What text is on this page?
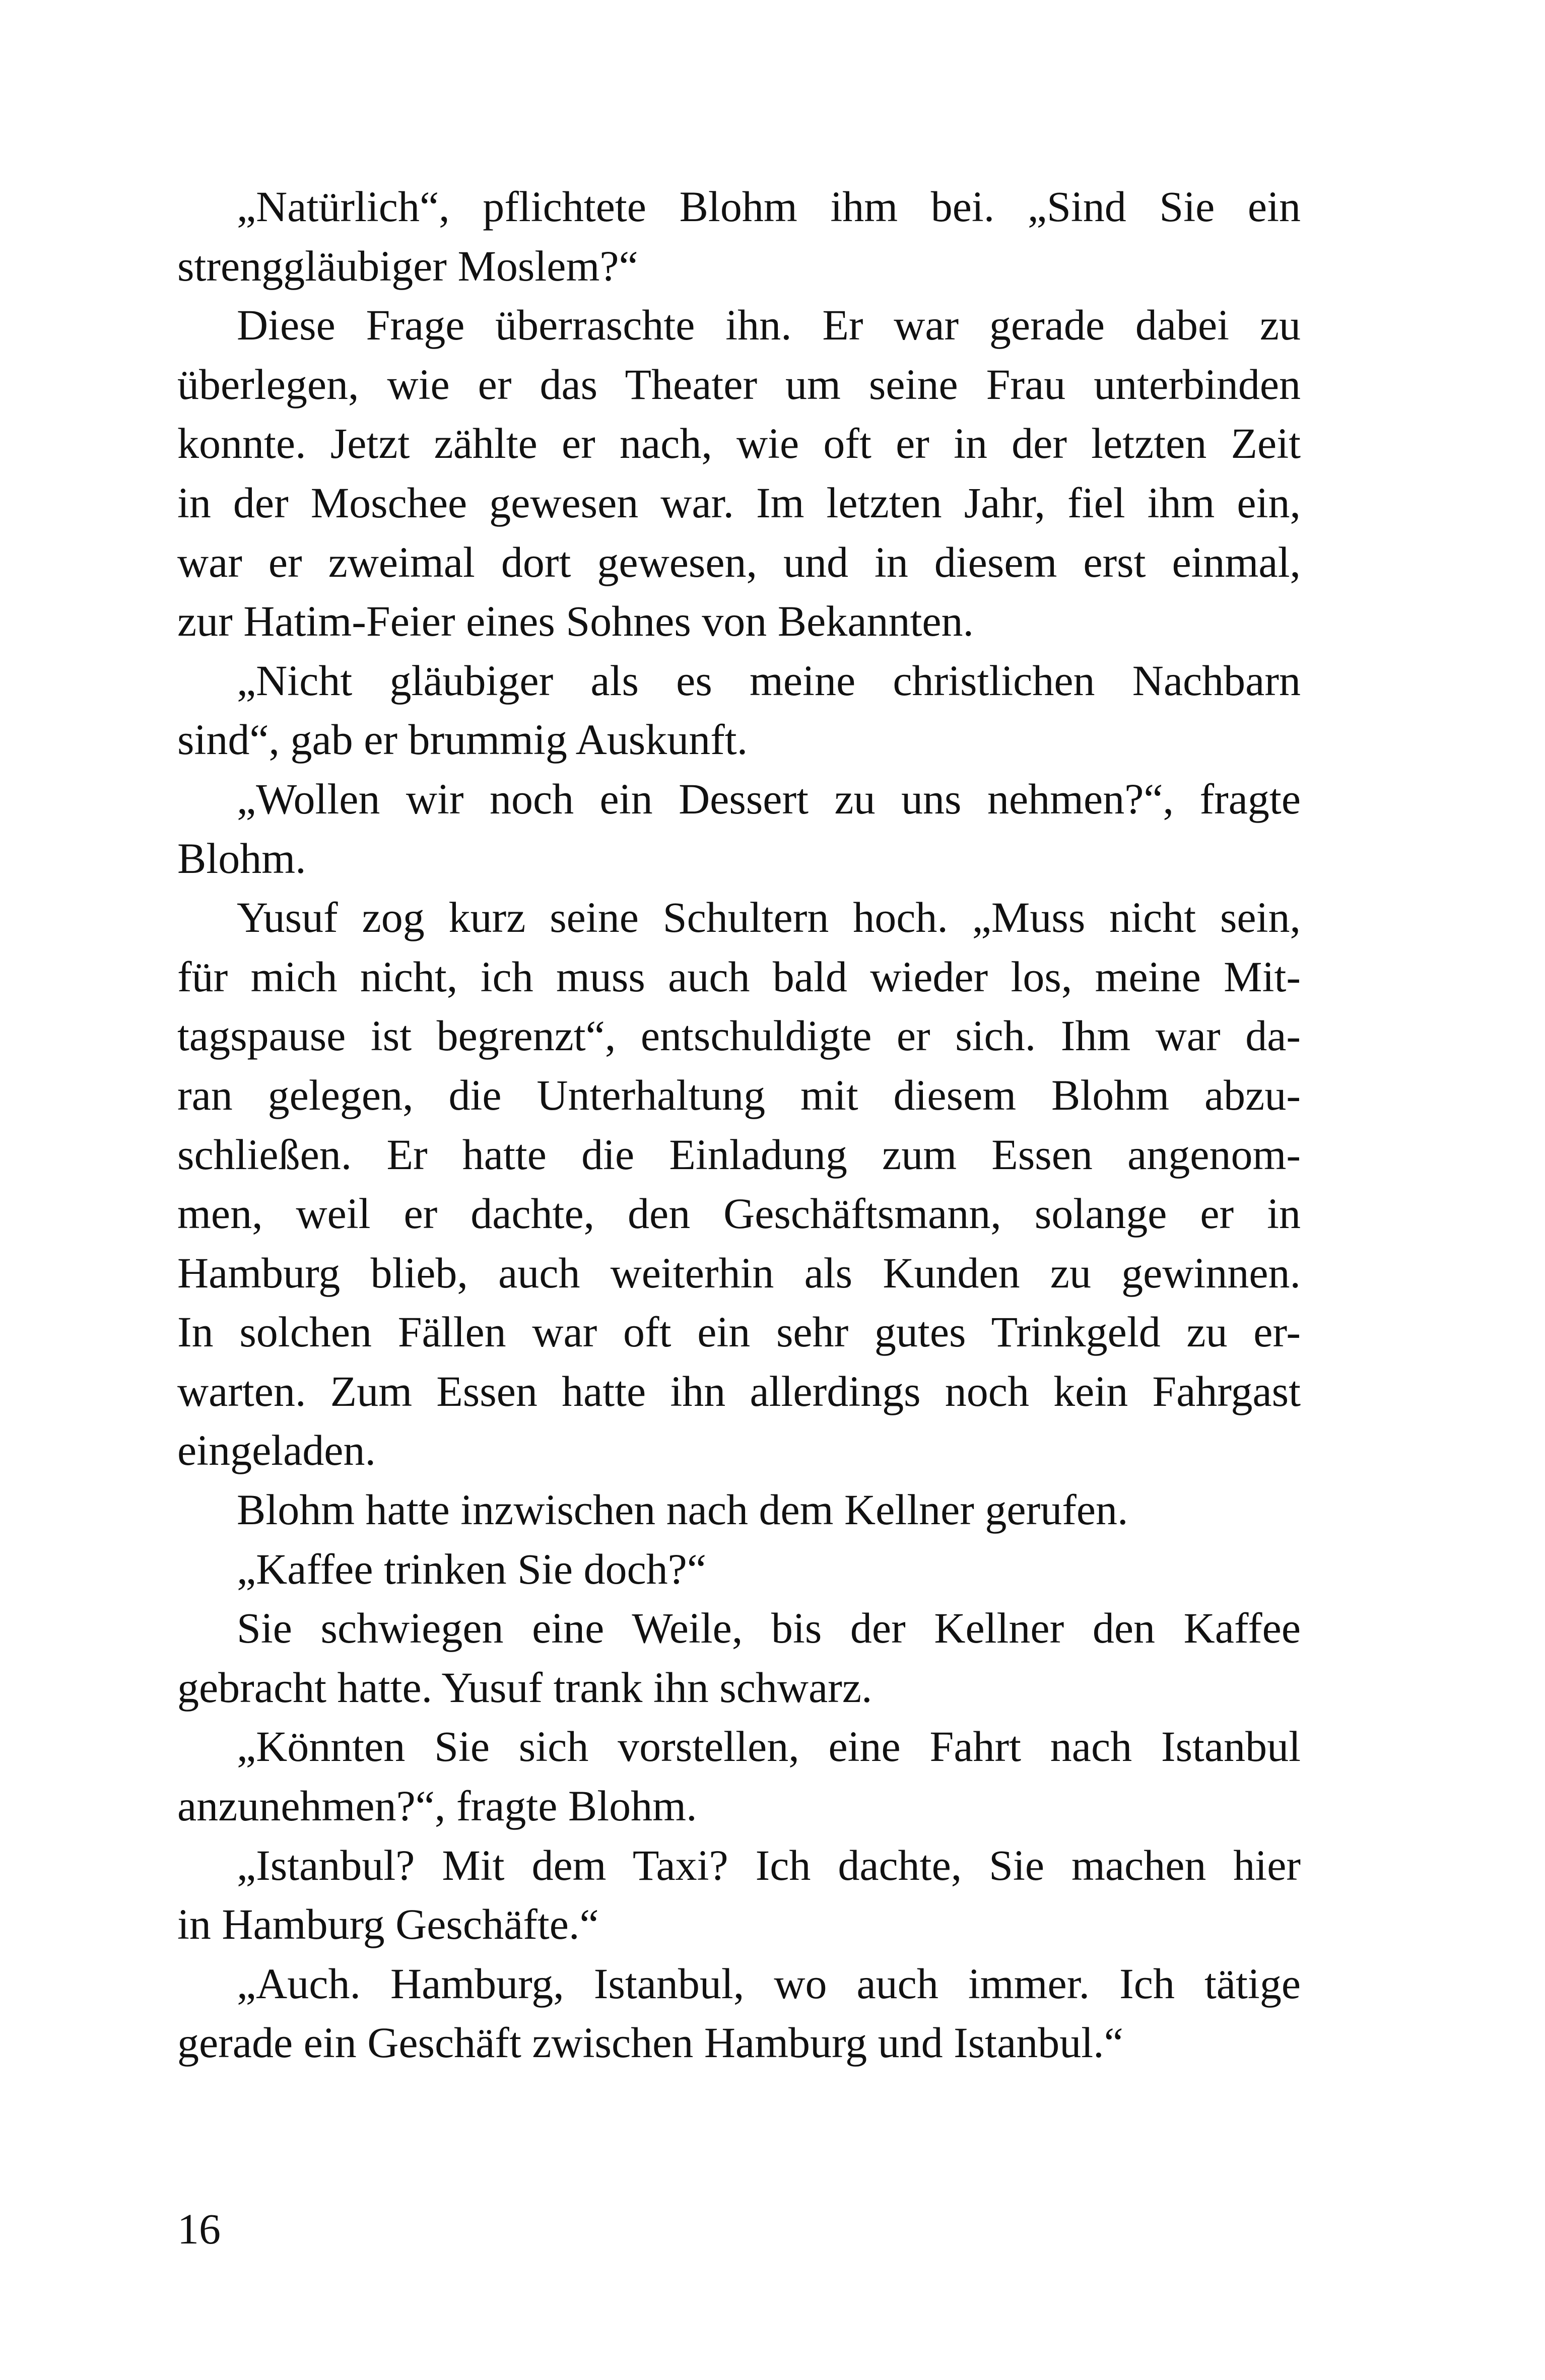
„Natürlich“, pflichtete Blohm ihm bei. „Sind Sie ein
strenggläubiger Moslem?“
Diese Frage überraschte ihn. Er war gerade dabei zu
überlegen, wie er das Theater um seine Frau unterbinden
konnte. Jetzt zählte er nach, wie oft er in der letzten Zeit
in der Moschee gewesen war. Im letzten Jahr, fiel ihm ein,
war er zweimal dort gewesen, und in diesem erst einmal,
zur Hatim-Feier eines Sohnes von Bekannten.
„Nicht gläubiger als es meine christlichen Nachbarn
sind“, gab er brummig Auskunft.
„Wollen wir noch ein Dessert zu uns nehmen?“, fragte
Blohm.
Yusuf zog kurz seine Schultern hoch. „Muss nicht sein,
für mich nicht, ich muss auch bald wieder los, meine Mit-
tagspause ist begrenzt“, entschuldigte er sich. Ihm war da-
ran gelegen, die Unterhaltung mit diesem Blohm abzu-
schließen. Er hatte die Einladung zum Essen angenom-
men, weil er dachte, den Geschäftsmann, solange er in
Hamburg blieb, auch weiterhin als Kunden zu gewinnen.
In solchen Fällen war oft ein sehr gutes Trinkgeld zu er-
warten. Zum Essen hatte ihn allerdings noch kein Fahrgast
eingeladen.
Blohm hatte inzwischen nach dem Kellner gerufen.
„Kaffee trinken Sie doch?“
Sie schwiegen eine Weile, bis der Kellner den Kaffee
gebracht hatte. Yusuf trank ihn schwarz.
„Könnten Sie sich vorstellen, eine Fahrt nach Istanbul
anzunehmen?“, fragte Blohm.
„Istanbul? Mit dem Taxi? Ich dachte, Sie machen hier
in Hamburg Geschäfte.“
„Auch. Hamburg, Istanbul, wo auch immer. Ich tätige
gerade ein Geschäft zwischen Hamburg und Istanbul.“
16
